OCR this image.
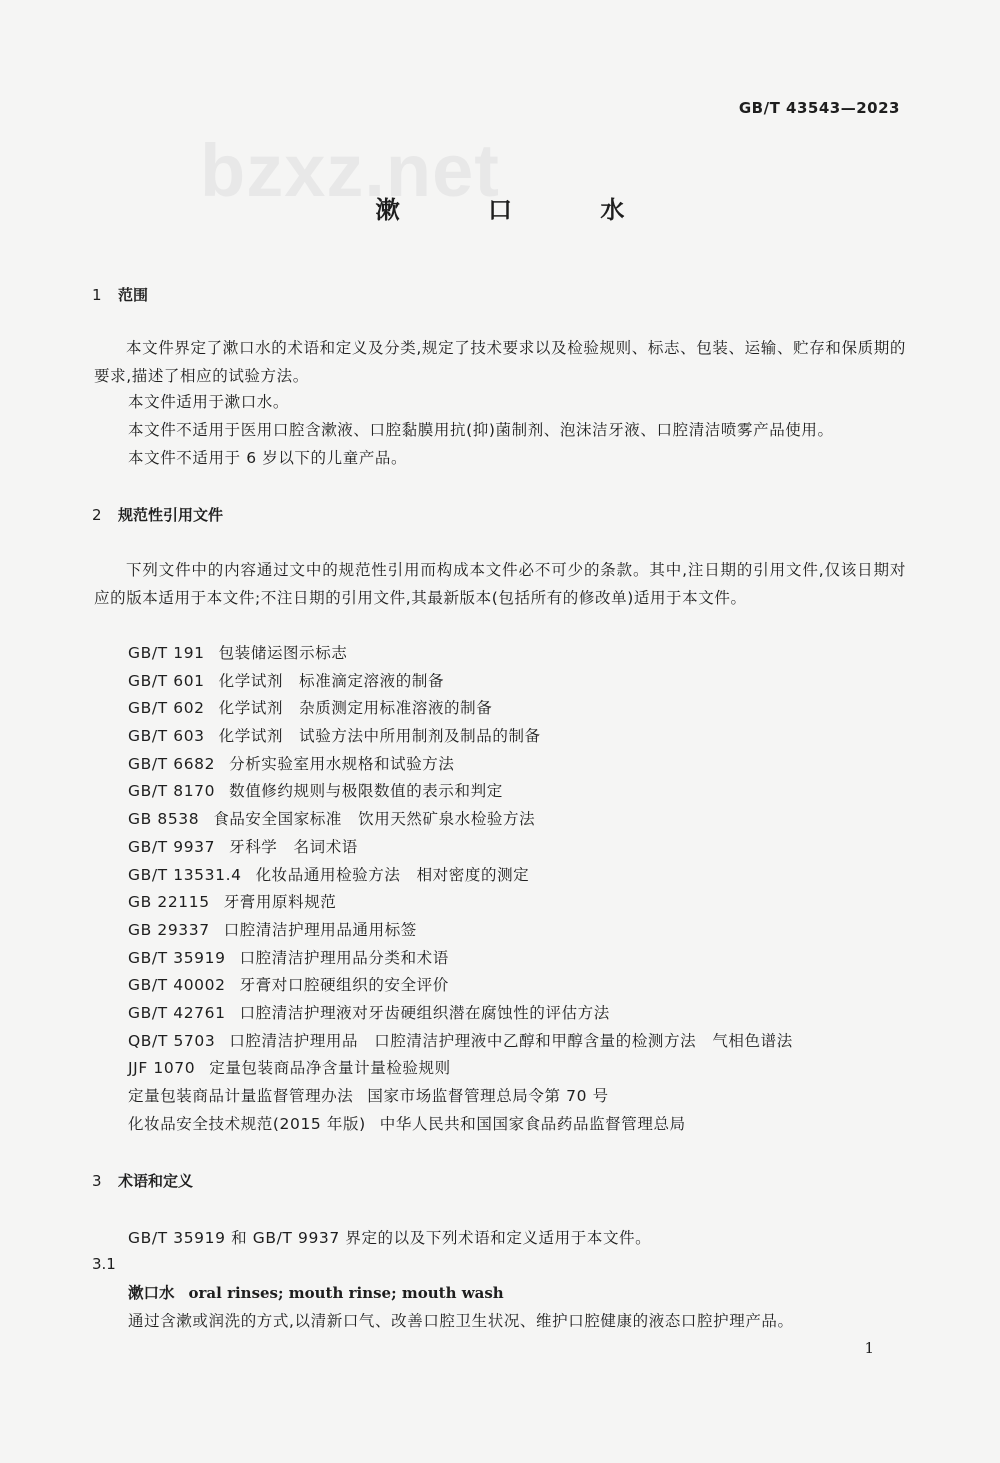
bzxz.net
GB/T 43543—2023
漱 口 水
1 范围
本文件界定了漱口水的术语和定义及分类,规定了技术要求以及检验规则、标志、包装、运输、贮存和保质期的要求,描述了相应的试验方法。
本文件适用于漱口水。
本文件不适用于医用口腔含漱液、口腔黏膜用抗(抑)菌制剂、泡沫洁牙液、口腔清洁喷雾产品使用。
本文件不适用于 6 岁以下的儿童产品。
2 规范性引用文件
下列文件中的内容通过文中的规范性引用而构成本文件必不可少的条款。其中,注日期的引用文件,仅该日期对应的版本适用于本文件;不注日期的引用文件,其最新版本(包括所有的修改单)适用于本文件。
GB/T 191 包装储运图示标志
GB/T 601 化学试剂　标准滴定溶液的制备
GB/T 602 化学试剂　杂质测定用标准溶液的制备
GB/T 603 化学试剂　试验方法中所用制剂及制品的制备
GB/T 6682 分析实验室用水规格和试验方法
GB/T 8170 数值修约规则与极限数值的表示和判定
GB 8538 食品安全国家标准　饮用天然矿泉水检验方法
GB/T 9937 牙科学　名词术语
GB/T 13531.4 化妆品通用检验方法　相对密度的测定
GB 22115 牙膏用原料规范
GB 29337 口腔清洁护理用品通用标签
GB/T 35919 口腔清洁护理用品分类和术语
GB/T 40002 牙膏对口腔硬组织的安全评价
GB/T 42761 口腔清洁护理液对牙齿硬组织潜在腐蚀性的评估方法
QB/T 5703 口腔清洁护理用品　口腔清洁护理液中乙醇和甲醇含量的检测方法　气相色谱法
JJF 1070 定量包装商品净含量计量检验规则
定量包装商品计量监督管理办法 国家市场监督管理总局令第 70 号
化妆品安全技术规范(2015 年版) 中华人民共和国国家食品药品监督管理总局
3 术语和定义
GB/T 35919 和 GB/T 9937 界定的以及下列术语和定义适用于本文件。
3.1
漱口水 oral rinses; mouth rinse; mouth wash
通过含漱或润洗的方式,以清新口气、改善口腔卫生状况、维护口腔健康的液态口腔护理产品。
1
